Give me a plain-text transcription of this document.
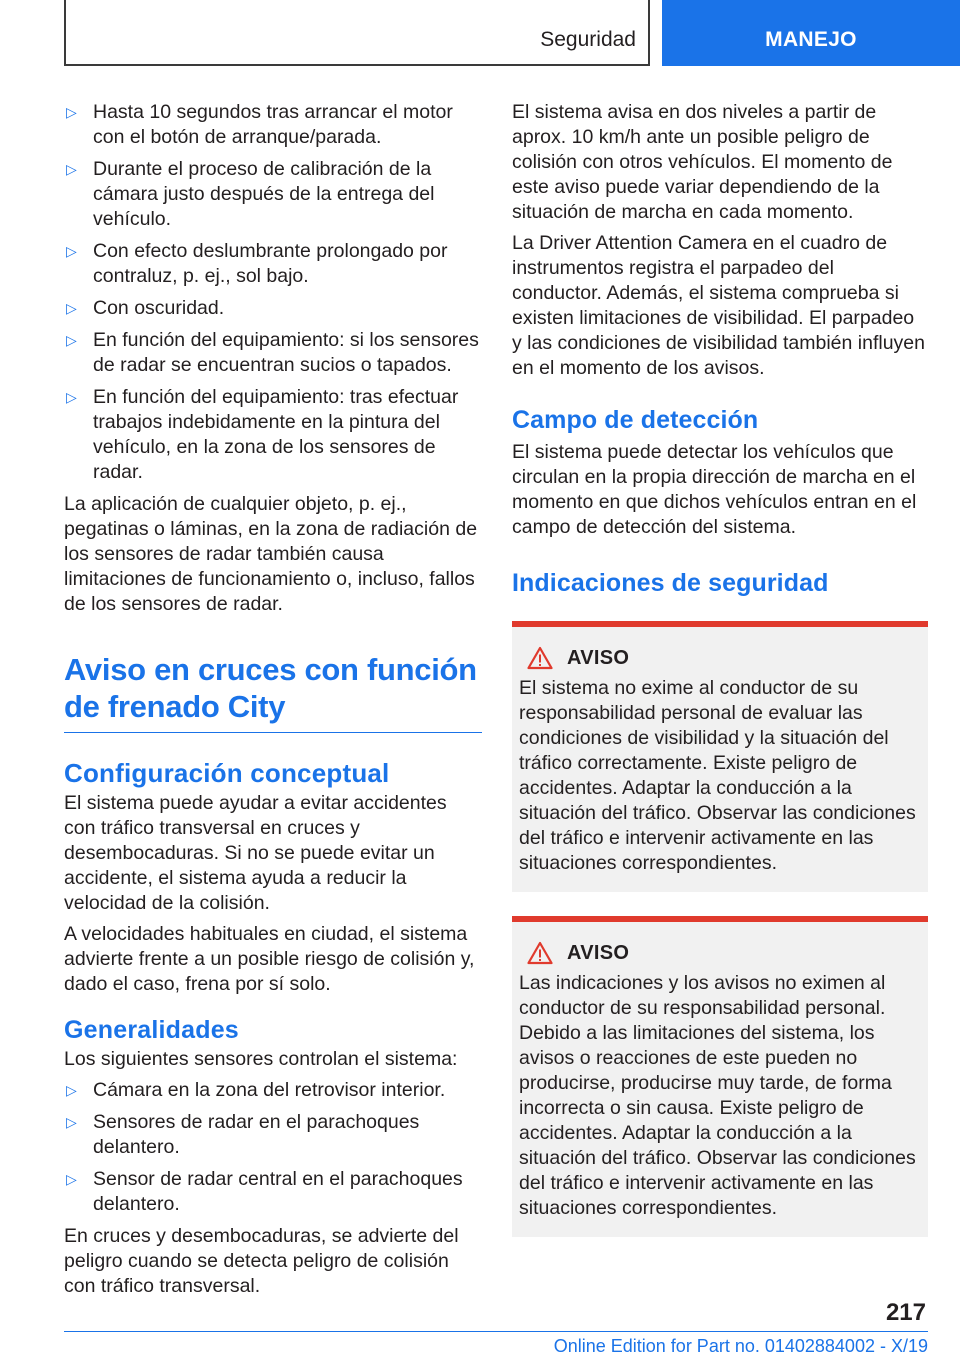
Seguridad	MANEJO
▷ Hasta 10 segundos tras arrancar el motor con el botón de arranque/parada.
▷ Durante el proceso de calibración de la cámara justo después de la entrega del vehículo.
▷ Con efecto deslumbrante prolongado por contraluz, p. ej., sol bajo.
▷ Con oscuridad.
▷ En función del equipamiento: si los sensores de radar se encuentran sucios o tapados.
▷ En función del equipamiento: tras efectuar trabajos indebidamente en la pintura del vehículo, en la zona de los sensores de radar.

La aplicación de cualquier objeto, p. ej., pegatinas o láminas, en la zona de radiación de los sensores de radar también causa limitaciones de funcionamiento o, incluso, fallos de los sensores de radar.

Aviso en cruces con función de frenado City
Configuración conceptual

El sistema puede ayudar a evitar accidentes con tráfico transversal en cruces y desembocaduras. Si no se puede evitar un accidente, el sistema ayuda a reducir la velocidad de la colisión.

A velocidades habituales en ciudad, el sistema advierte frente a un posible riesgo de colisión y, dado el caso, frena por sí solo.

Generalidades

Los siguientes sensores controlan el sistema:

▷ Cámara en la zona del retrovisor interior.
▷ Sensores de radar en el parachoques delantero.
▷ Sensor de radar central en el parachoques delantero.

En cruces y desembocaduras, se advierte del peligro cuando se detecta peligro de colisión con tráfico transversal.

El sistema avisa en dos niveles a partir de aprox. 10 km/h ante un posible peligro de colisión con otros vehículos. El momento de este aviso puede variar dependiendo de la situación de marcha en cada momento.

La Driver Attention Camera en el cuadro de instrumentos registra el parpadeo del conductor. Además, el sistema comprueba si existen limitaciones de visibilidad. El parpadeo y las condiciones de visibilidad también influyen en el momento de los avisos.

Campo de detección

El sistema puede detectar los vehículos que circulan en la propia dirección de marcha en el momento en que dichos vehículos entran en el campo de detección del sistema.

Indicaciones de seguridad
AVISO

El sistema no exime al conductor de su responsabilidad personal de evaluar las condiciones de visibilidad y la situación del tráfico correctamente. Existe peligro de accidentes. Adaptar la conducción a la situación del tráfico. Observar las condiciones del tráfico e intervenir activamente en las situaciones correspondientes.

AVISO

Las indicaciones y los avisos no eximen al conductor de su responsabilidad personal. Debido a las limitaciones del sistema, los avisos o reacciones de este pueden no producirse, producirse muy tarde, de forma incorrecta o sin causa. Existe peligro de accidentes. Adaptar la conducción a la situación del tráfico. Observar las condiciones del tráfico e intervenir activamente en las situaciones correspondientes.

217
Online Edition for Part no. 01402884002 - X/19
